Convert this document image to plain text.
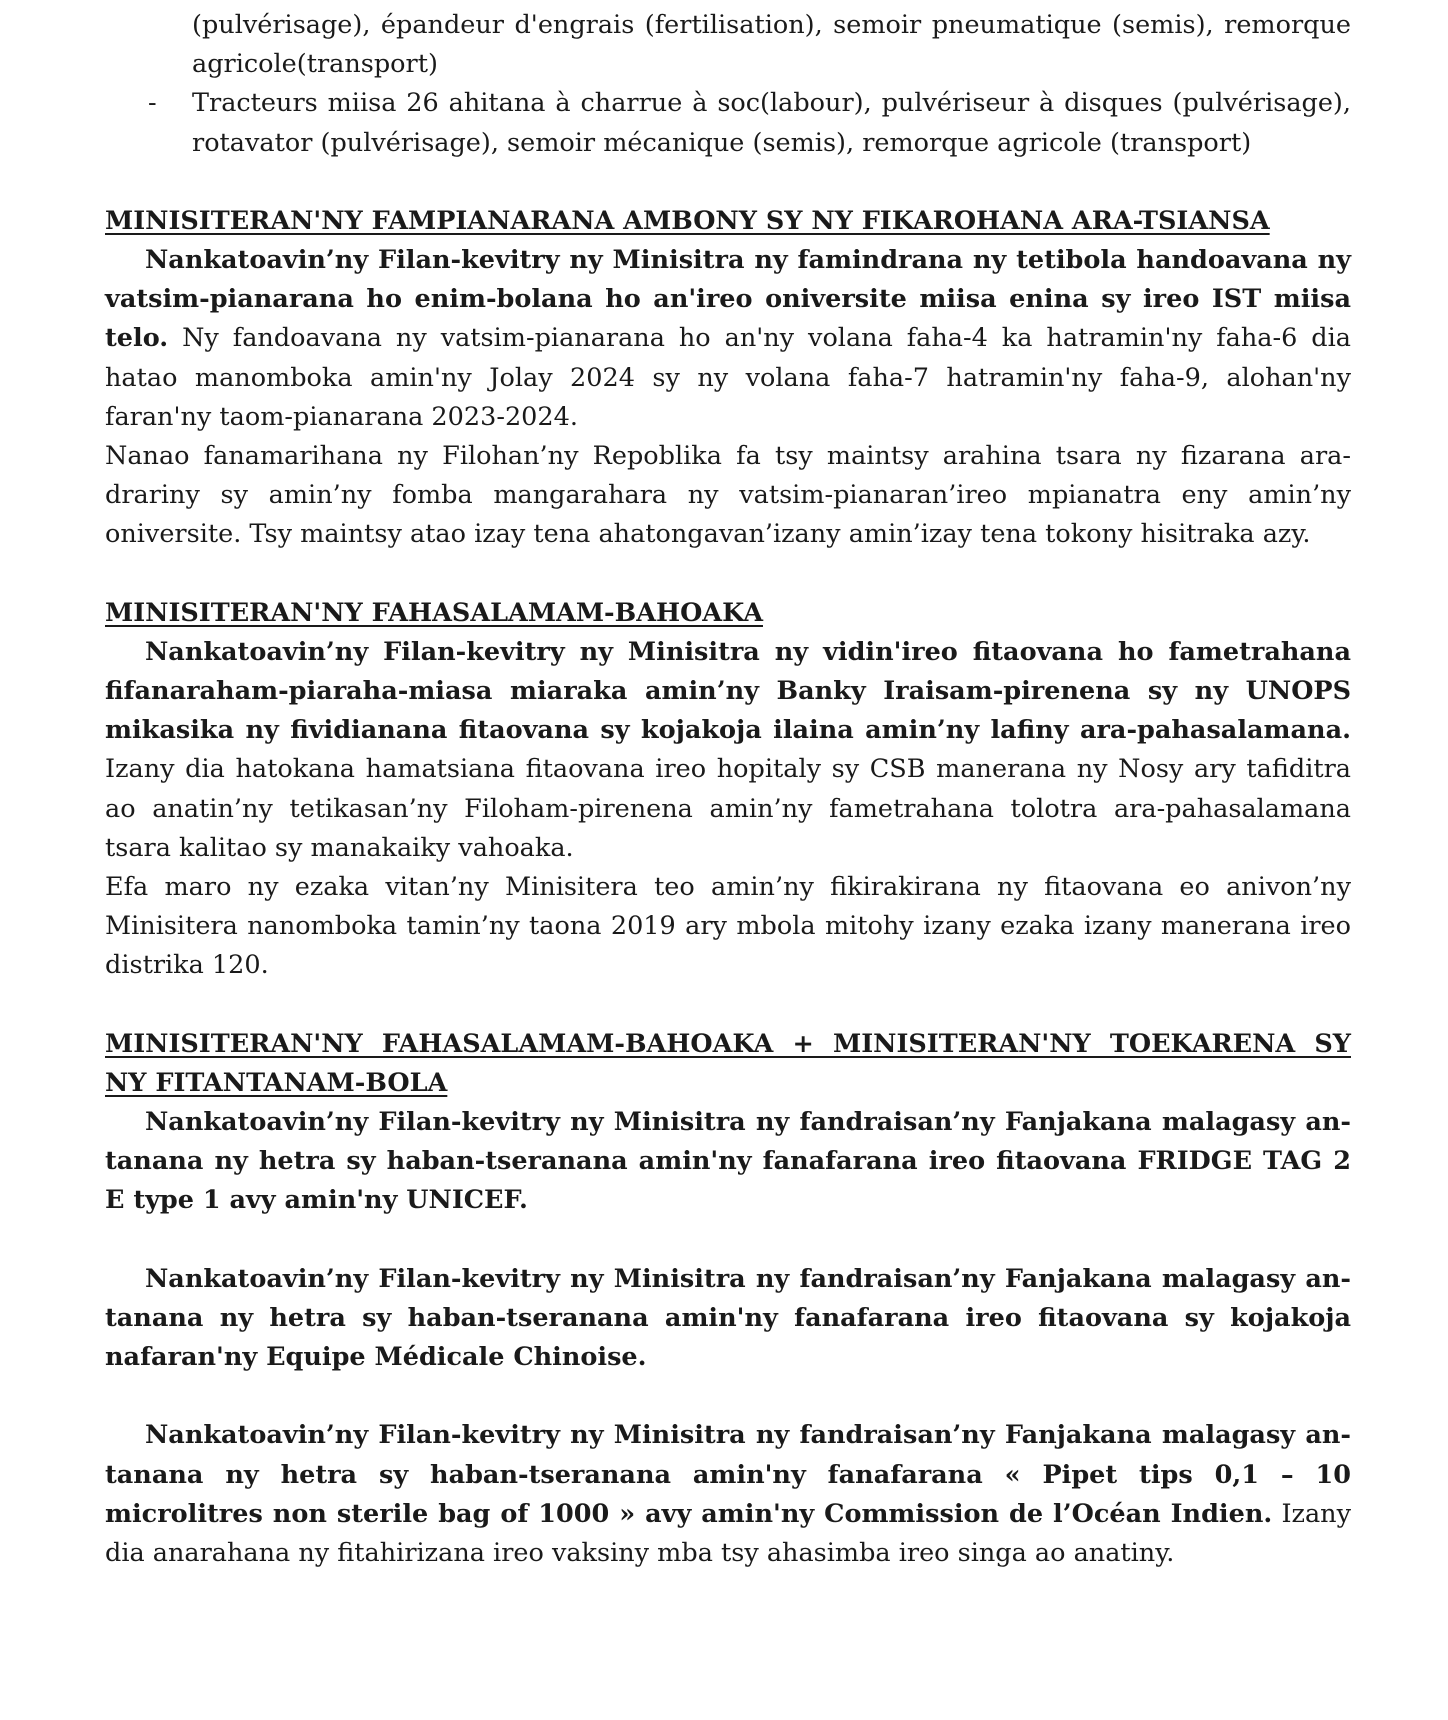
(pulvérisage), épandeur d'engrais (fertilisation), semoir pneumatique (semis), remorque agricole(transport)
- Tracteurs miisa 26 ahitana à charrue à soc(labour), pulvériseur à disques (pulvérisage), rotavator (pulvérisage), semoir mécanique (semis), remorque agricole (transport)
MINISITERAN'NY FAMPIANARANA AMBONY SY NY FIKAROHANA ARA-TSIANSA

Nankatoavin’ny Filan-kevitry ny Minisitra ny famindrana ny tetibola handoavana ny vatsim-pianarana ho enim-bolana ho an'ireo oniversite miisa enina sy ireo IST miisa telo. Ny fandoavana ny vatsim-pianarana ho an'ny volana faha-4 ka hatramin'ny faha-6 dia hatao manomboka amin'ny Jolay 2024 sy ny volana faha-7 hatramin'ny faha-9, alohan'ny faran'ny taom-pianarana 2023-2024.

Nanao fanamarihana ny Filohan’ny Repoblika fa tsy maintsy arahina tsara ny fizarana ara-drariny sy amin’ny fomba mangarahara ny vatsim-pianaran’ireo mpianatra eny amin’ny oniversite. Tsy maintsy atao izay tena ahatongavan’izany amin’izay tena tokony hisitraka azy.

MINISITERAN'NY FAHASALAMAM-BAHOAKA

Nankatoavin’ny Filan-kevitry ny Minisitra ny vidin'ireo fitaovana ho fametrahana fifanaraham-piaraha-miasa miaraka amin’ny Banky Iraisam-pirenena sy ny UNOPS mikasika ny fividianana fitaovana sy kojakoja ilaina amin’ny lafiny ara-pahasalamana. Izany dia hatokana hamatsiana fitaovana ireo hopitaly sy CSB manerana ny Nosy ary tafiditra ao anatin’ny tetikasan’ny Filoham-pirenena amin’ny fametrahana tolotra ara-pahasalamana tsara kalitao sy manakaiky vahoaka.

Efa maro ny ezaka vitan’ny Minisitera teo amin’ny fikirakirana ny fitaovana eo anivon’ny Minisitera nanomboka tamin’ny taona 2019 ary mbola mitohy izany ezaka izany manerana ireo distrika 120.

MINISITERAN'NY FAHASALAMAM-BAHOAKA + MINISITERAN'NY TOEKARENA SY
NY FITANTANAM-BOLA

Nankatoavin’ny Filan-kevitry ny Minisitra ny fandraisan’ny Fanjakana malagasy an-tanana ny hetra sy haban-tseranana amin'ny fanafarana ireo fitaovana FRIDGE TAG 2 E type 1 avy amin'ny UNICEF.

Nankatoavin’ny Filan-kevitry ny Minisitra ny fandraisan’ny Fanjakana malagasy an-tanana ny hetra sy haban-tseranana amin'ny fanafarana ireo fitaovana sy kojakoja nafaran'ny Equipe Médicale Chinoise.

Nankatoavin’ny Filan-kevitry ny Minisitra ny fandraisan’ny Fanjakana malagasy an-tanana ny hetra sy haban-tseranana amin'ny fanafarana « Pipet tips 0,1 – 10 microlitres non sterile bag of 1000 » avy amin'ny Commission de l’Océan Indien. Izany dia anarahana ny fitahirizana ireo vaksiny mba tsy ahasimba ireo singa ao anatiny.
